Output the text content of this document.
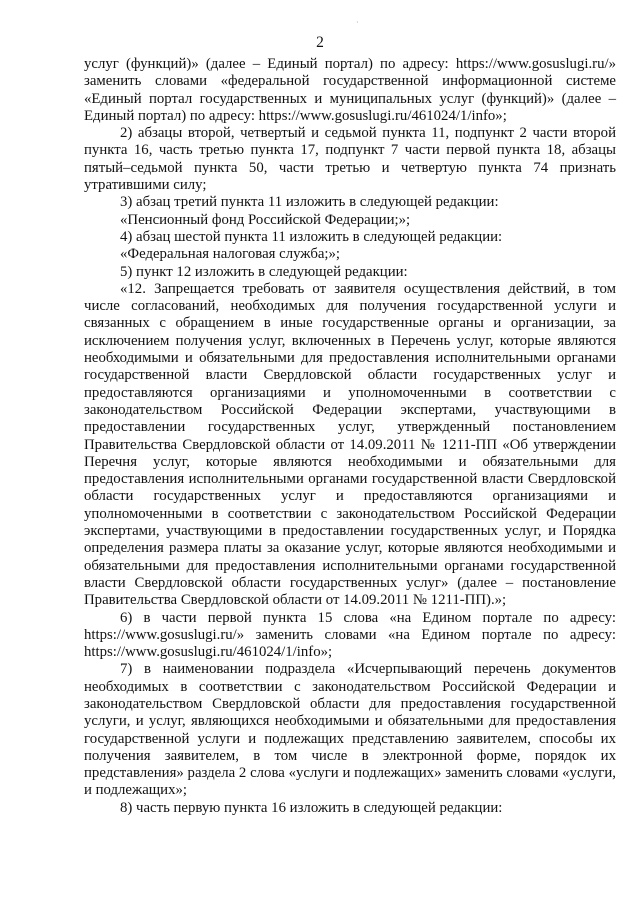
·
2

услуг (функций)» (далее – Единый портал) по адресу: https://www.gosuslugi.ru/» заменить словами «федеральной государственной информационной системе «Единый портал государственных и муниципальных услуг (функций)» (далее – Единый портал) по адресу: https://www.gosuslugi.ru/461024/1/info»;

2) абзацы второй, четвертый и седьмой пункта 11, подпункт 2 части второй пункта 16, часть третью пункта 17, подпункт 7 части первой пункта 18, абзацы пятый–седьмой пункта 50, части третью и четвертую пункта 74 признать утратившими силу;

3) абзац третий пункта 11 изложить в следующей редакции:

«Пенсионный фонд Российской Федерации;»;

4) абзац шестой пункта 11 изложить в следующей редакции:

«Федеральная налоговая служба;»;

5) пункт 12 изложить в следующей редакции:

«12. Запрещается требовать от заявителя осуществления действий, в том числе согласований, необходимых для получения государственной услуги и связанных с обращением в иные государственные органы и организации, за исключением получения услуг, включенных в Перечень услуг, которые являются необходимыми и обязательными для предоставления исполнительными органами государственной власти Свердловской области государственных услуг и предоставляются организациями и уполномоченными в соответствии с законодательством Российской Федерации экспертами, участвующими в предоставлении государственных услуг, утвержденный постановлением Правительства Свердловской области от 14.09.2011 № 1211-ПП «Об утверждении Перечня услуг, которые являются необходимыми и обязательными для предоставления исполнительными органами государственной власти Свердловской области государственных услуг и предоставляются организациями и уполномоченными в соответствии с законодательством Российской Федерации экспертами, участвующими в предоставлении государственных услуг, и Порядка определения размера платы за оказание услуг, которые являются необходимыми и обязательными для предоставления исполнительными органами государственной власти Свердловской области государственных услуг» (далее – постановление Правительства Свердловской области от 14.09.2011 № 1211-ПП).»;

6) в части первой пункта 15 слова «на Едином портале по адресу: https://www.gosuslugi.ru/» заменить словами «на Едином портале по адресу: https://www.gosuslugi.ru/461024/1/info»;

7) в наименовании подраздела «Исчерпывающий перечень документов необходимых в соответствии с законодательством Российской Федерации и законодательством Свердловской области для предоставления государственной услуги, и услуг, являющихся необходимыми и обязательными для предоставления государственной услуги и подлежащих представлению заявителем, способы их получения заявителем, в том числе в электронной форме, порядок их представления» раздела 2 слова «услуги и подлежащих» заменить словами «услуги, и подлежащих»;

8) часть первую пункта 16 изложить в следующей редакции:
